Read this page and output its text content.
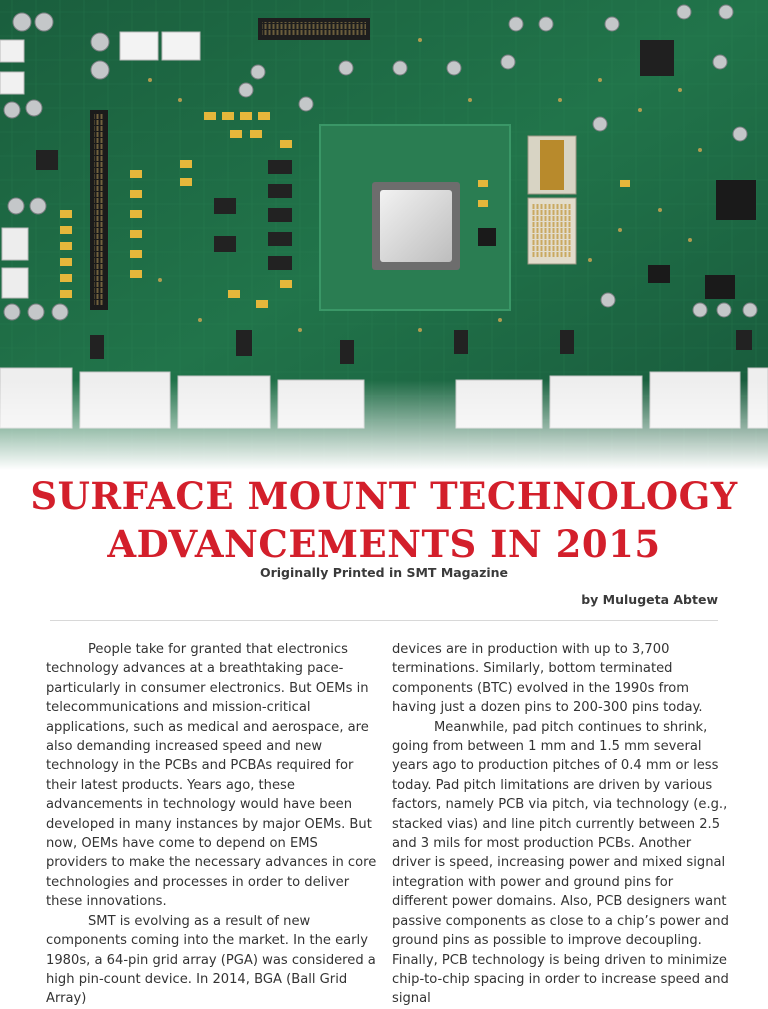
SURFACE MOUNT TECHNOLOGY
ADVANCEMENTS IN 2015
Originally Printed in SMT Magazine
by Mulugeta Abtew

People take for granted that electronics technology advances at a breathtaking pace-particularly in consumer electronics. But OEMs in telecommunications and mission-critical applications, such as medical and aerospace, are also demanding increased speed and new technology in the PCBs and PCBAs required for their latest products. Years ago, these advancements in technology would have been developed in many instances by major OEMs. But now, OEMs have come to depend on EMS providers to make the necessary advances in core technologies and processes in order to deliver these innovations.

SMT is evolving as a result of new components coming into the market. In the early 1980s, a 64-pin grid array (PGA) was considered a high pin-count device. In 2014, BGA (Ball Grid Array)

devices are in production with up to 3,700 terminations. Similarly, bottom terminated components (BTC) evolved in the 1990s from having just a dozen pins to 200-300 pins today.

Meanwhile, pad pitch continues to shrink, going from between 1 mm and 1.5 mm several years ago to production pitches of 0.4 mm or less today. Pad pitch limitations are driven by various factors, namely PCB via pitch, via technology (e.g., stacked vias) and line pitch currently between 2.5 and 3 mils for most production PCBs. Another driver is speed, increasing power and mixed signal integration with power and ground pins for different power domains. Also, PCB designers want passive components as close to a chip’s power and ground pins as possible to improve decoupling. Finally, PCB technology is being driven to minimize chip-to-chip spacing in order to increase speed and signal
